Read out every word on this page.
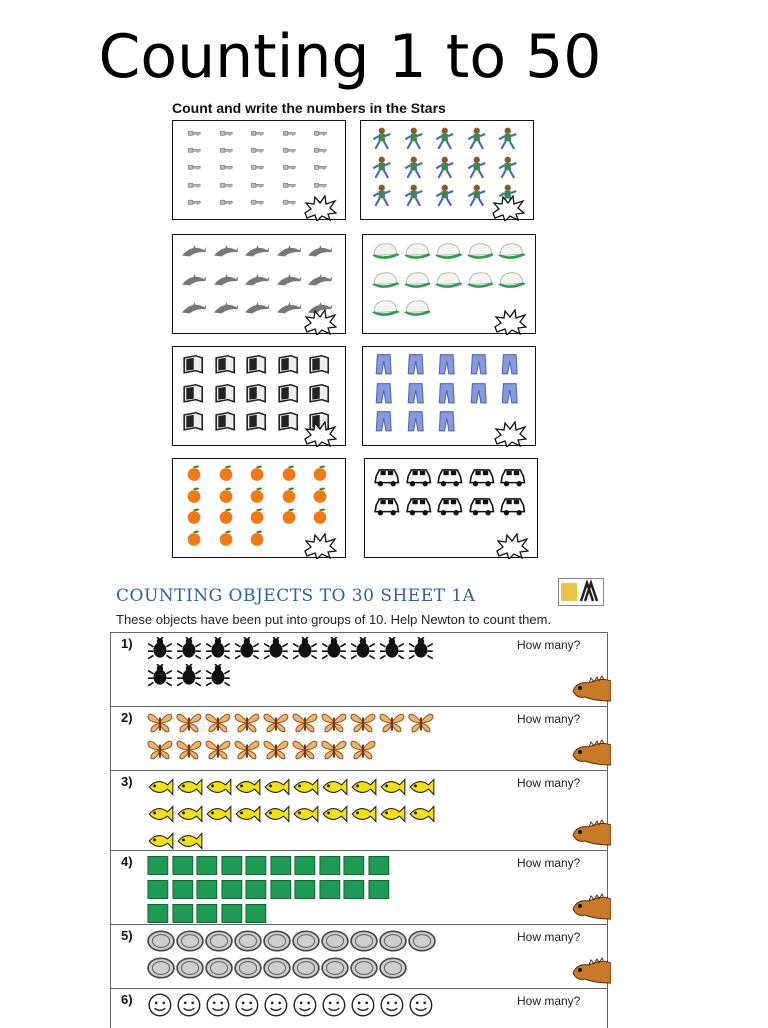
Counting 1 to 50
Count and write the numbers in the Stars
COUNTING OBJECTS TO 30 SHEET 1A
These objects have been put into groups of 10. Help Newton to count them.
1)	How many?
2)	How many?
3)	How many?
4)	How many?
5)	How many?
6)	How many?
✦
